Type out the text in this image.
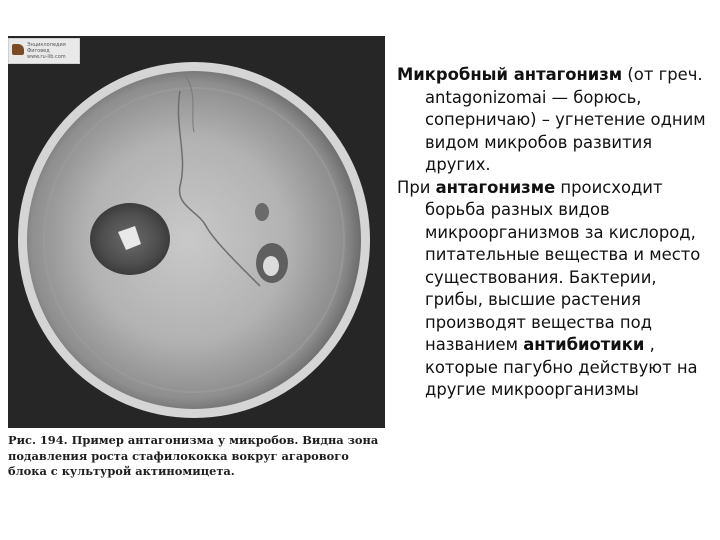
Энциклопедия
Фиговед
www.ru-lib.com
Рис. 194. Пример антагонизма у микробов. Видна зона подавления роста стафилококка вокруг агарового блока с культурой актиномицета.

Микробный антагонизм (от греч. antagonizomai — борюсь, соперничаю) – угнетение одним видом микробов развития других.

При антагонизме происходит борьба разных видов микроорганизмов за кислород, питательные вещества и место существования. Бактерии, грибы, высшие растения производят вещества под названием антибиотики , которые пагубно действуют на другие микроорганизмы
